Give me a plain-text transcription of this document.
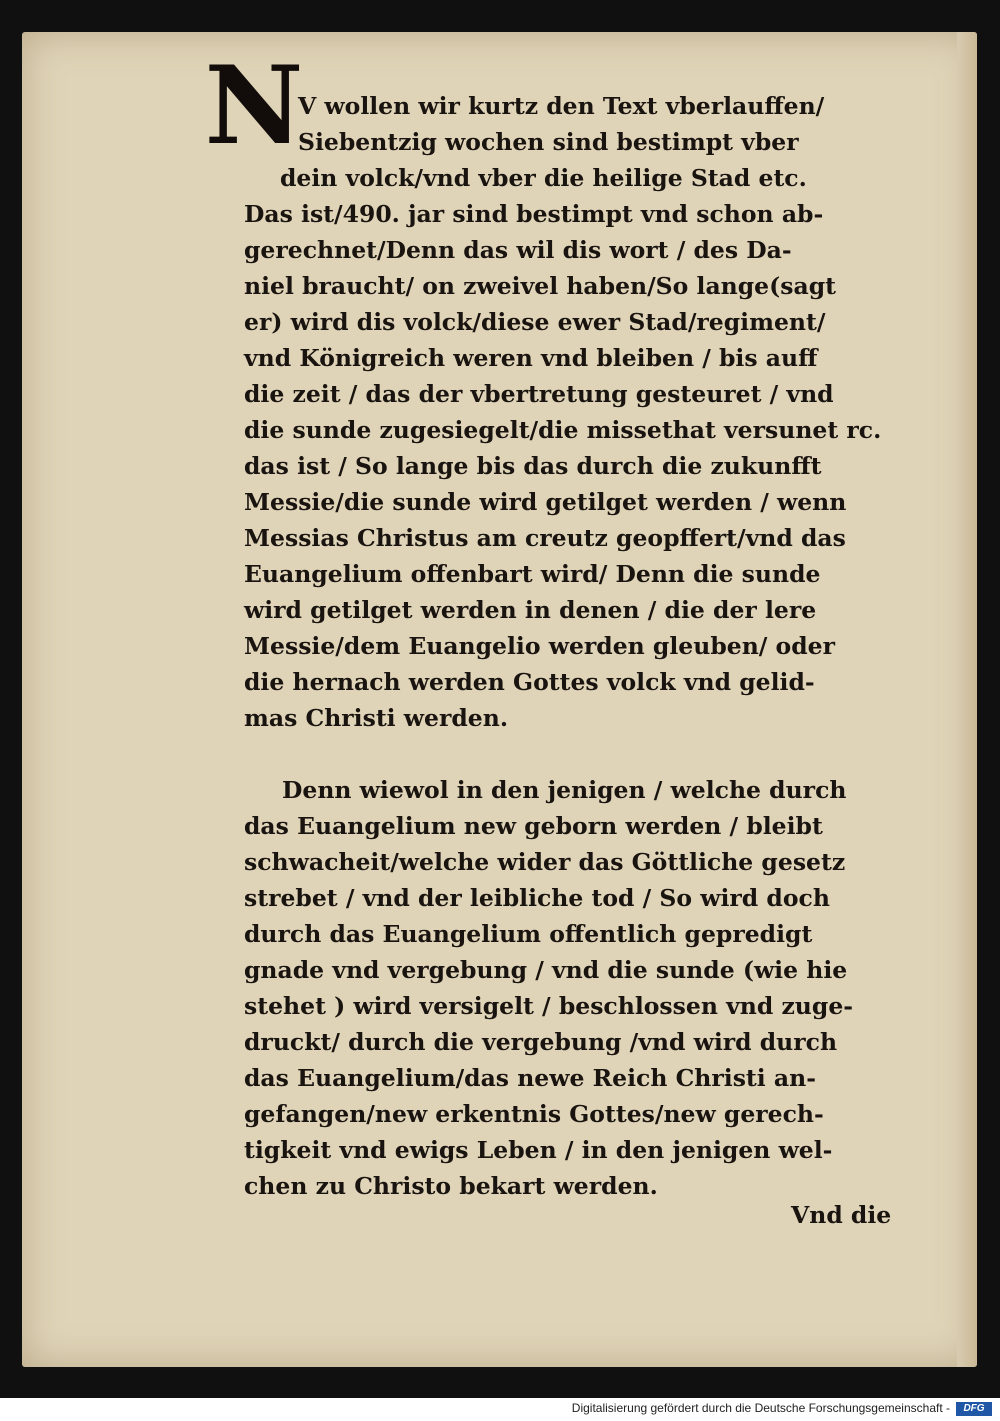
N
V wollen wir kurtz den Text vberlauffen/
Siebentzig wochen sind bestimpt vber
dein volck/vnd vber die heilige Stad etc.
Das ist/490. jar sind bestimpt vnd schon ab-
gerechnet/Denn das wil dis wort / des Da-
niel braucht/ on zweivel haben/So lange(sagt
er) wird dis volck/diese ewer Stad/regiment/
vnd Königreich weren vnd bleiben / bis auff
die zeit / das der vbertretung gesteuret / vnd
die sunde zugesiegelt/die missethat versunet rc.
das ist / So lange bis das durch die zukunfft
Messie/die sunde wird getilget werden / wenn
Messias Christus am creutz geopffert/vnd das
Euangelium offenbart wird/ Denn die sunde
wird getilget werden in denen / die der lere
Messie/dem Euangelio werden gleuben/ oder
die hernach werden Gottes volck vnd gelid-
mas Christi werden.
Denn wiewol in den jenigen / welche durch
das Euangelium new geborn werden / bleibt
schwacheit/welche wider das Göttliche gesetz
strebet / vnd der leibliche tod / So wird doch
durch das Euangelium offentlich gepredigt
gnade vnd vergebung / vnd die sunde (wie hie
stehet ) wird versigelt / beschlossen vnd zuge-
druckt/ durch die vergebung /vnd wird durch
das Euangelium/das newe Reich Christi an-
gefangen/new erkentnis Gottes/new gerech-
tigkeit vnd ewigs Leben / in den jenigen wel-
chen zu Christo bekart werden.
Vnd die
Digitalisierung gefördert durch die Deutsche Forschungsgemeinschaft -	DFG
